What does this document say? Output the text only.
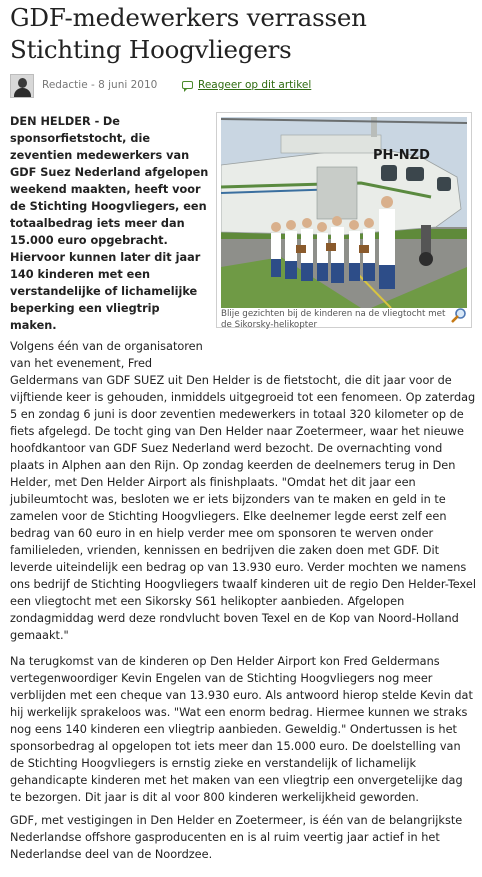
GDF-medewerkers verrassen Stichting Hoogvliegers
Redactie - 8 juni 2010	Reageer op dit artikel
PH-NZD
Blije gezichten bij de kinderen na de vliegtocht met de Sikorsky-helikopter
DEN HELDER - De sponsorfietstocht, die zeventien medewerkers van GDF Suez Nederland afgelopen weekend maakten, heeft voor de Stichting Hoogvliegers, een totaalbedrag iets meer dan 15.000 euro opgebracht. Hiervoor kunnen later dit jaar 140 kinderen met een verstandelijke of lichamelijke beperking een vliegtrip maken.
Volgens één van de organisatoren van het evenement, Fred
Geldermans van GDF SUEZ uit Den Helder is de fietstocht, die dit jaar voor de vijftiende keer is gehouden, inmiddels uitgegroeid tot een fenomeen. Op zaterdag 5 en zondag 6 juni is door zeventien medewerkers in totaal 320 kilometer op de fiets afgelegd. De tocht ging van Den Helder naar Zoetermeer, waar het nieuwe hoofdkantoor van GDF Suez Nederland werd bezocht. De overnachting vond plaats in Alphen aan den Rijn. Op zondag keerden de deelnemers terug in Den Helder, met Den Helder Airport als finishplaats. "Omdat het dit jaar een jubileumtocht was, besloten we er iets bijzonders van te maken en geld in te zamelen voor de Stichting Hoogvliegers. Elke deelnemer legde eerst zelf een bedrag van 60 euro in en hielp verder mee om sponsoren te werven onder familieleden, vrienden, kennissen en bedrijven die zaken doen met GDF. Dit leverde uiteindelijk een bedrag op van 13.930 euro. Verder mochten we namens ons bedrijf de Stichting Hoogvliegers twaalf kinderen uit de regio Den Helder-Texel een vliegtocht met een Sikorsky S61 helikopter aanbieden. Afgelopen zondagmiddag werd deze rondvlucht boven Texel en de Kop van Noord-Holland gemaakt."
Na terugkomst van de kinderen op Den Helder Airport kon Fred Geldermans vertegenwoordiger Kevin Engelen van de Stichting Hoogvliegers nog meer verblijden met een cheque van 13.930 euro. Als antwoord hierop stelde Kevin dat hij werkelijk sprakeloos was. "Wat een enorm bedrag. Hiermee kunnen we straks nog eens 140 kinderen een vliegtrip aanbieden. Geweldig." Ondertussen is het sponsorbedrag al opgelopen tot iets meer dan 15.000 euro. De doelstelling van de Stichting Hoogvliegers is ernstig zieke en verstandelijk of lichamelijk gehandicapte kinderen met het maken van een vliegtrip een onvergetelijke dag te bezorgen. Dit jaar is dit al voor 800 kinderen werkelijkheid geworden.
GDF, met vestigingen in Den Helder en Zoetermeer, is één van de belangrijkste Nederlandse offshore gasproducenten en is al ruim veertig jaar actief in het Nederlandse deel van de Noordzee.
